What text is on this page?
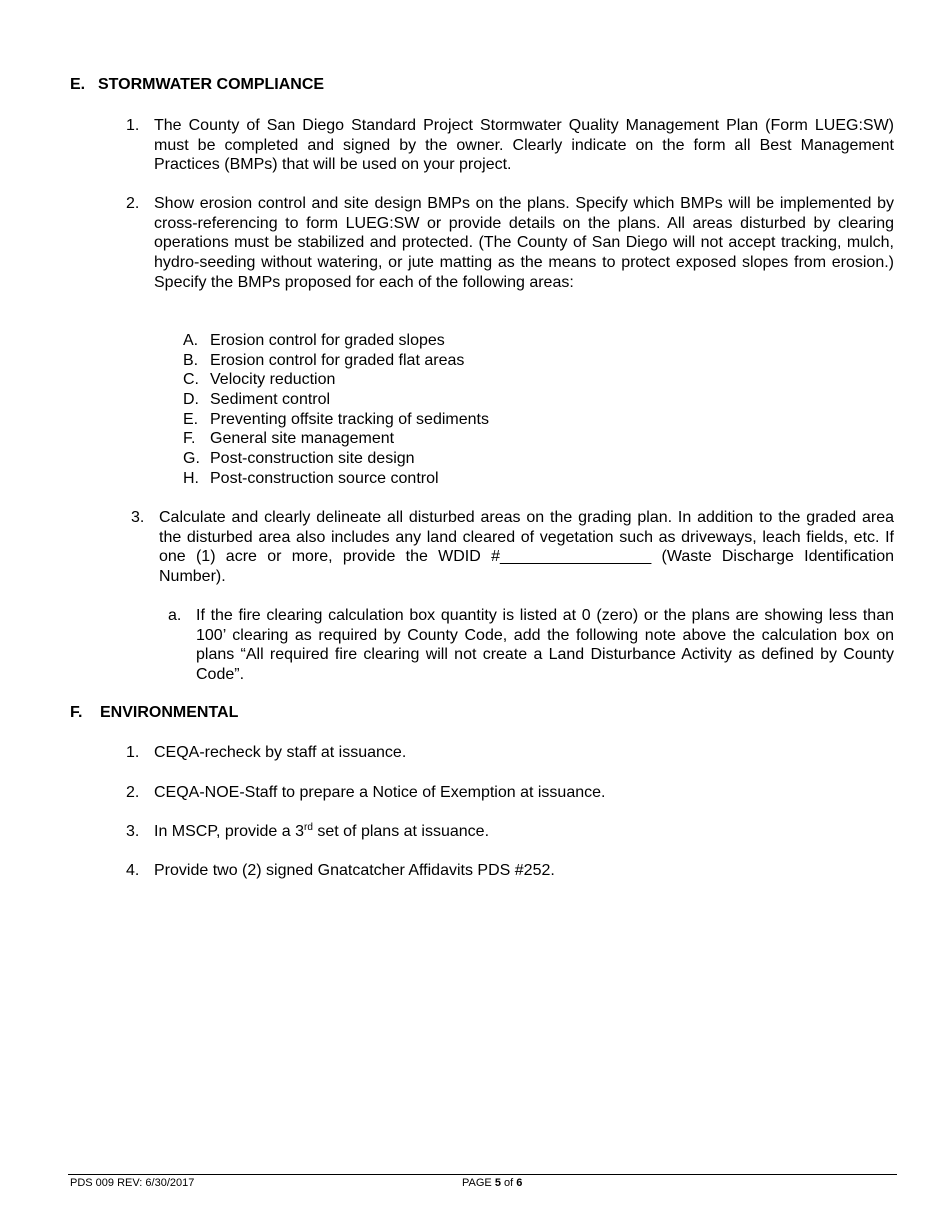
E. STORMWATER COMPLIANCE
1. The County of San Diego Standard Project Stormwater Quality Management Plan (Form LUEG:SW) must be completed and signed by the owner. Clearly indicate on the form all Best Management Practices (BMPs) that will be used on your project.
2. Show erosion control and site design BMPs on the plans. Specify which BMPs will be implemented by cross-referencing to form LUEG:SW or provide details on the plans. All areas disturbed by clearing operations must be stabilized and protected. (The County of San Diego will not accept tracking, mulch, hydro-seeding without watering, or jute matting as the means to protect exposed slopes from erosion.) Specify the BMPs proposed for each of the following areas:
A. Erosion control for graded slopes
B. Erosion control for graded flat areas
C. Velocity reduction
D. Sediment control
E. Preventing offsite tracking of sediments
F. General site management
G. Post-construction site design
H. Post-construction source control
3. Calculate and clearly delineate all disturbed areas on the grading plan. In addition to the graded area the disturbed area also includes any land cleared of vegetation such as driveways, leach fields, etc. If one (1) acre or more, provide the WDID #_________________ (Waste Discharge Identification Number).
a. If the fire clearing calculation box quantity is listed at 0 (zero) or the plans are showing less than 100’ clearing as required by County Code, add the following note above the calculation box on plans “All required fire clearing will not create a Land Disturbance Activity as defined by County Code”.
F. ENVIRONMENTAL
1. CEQA-recheck by staff at issuance.
2. CEQA-NOE-Staff to prepare a Notice of Exemption at issuance.
3. In MSCP, provide a 3rd set of plans at issuance.
4. Provide two (2) signed Gnatcatcher Affidavits PDS #252.
PDS 009 REV: 6/30/2017	PAGE 5 of 6
